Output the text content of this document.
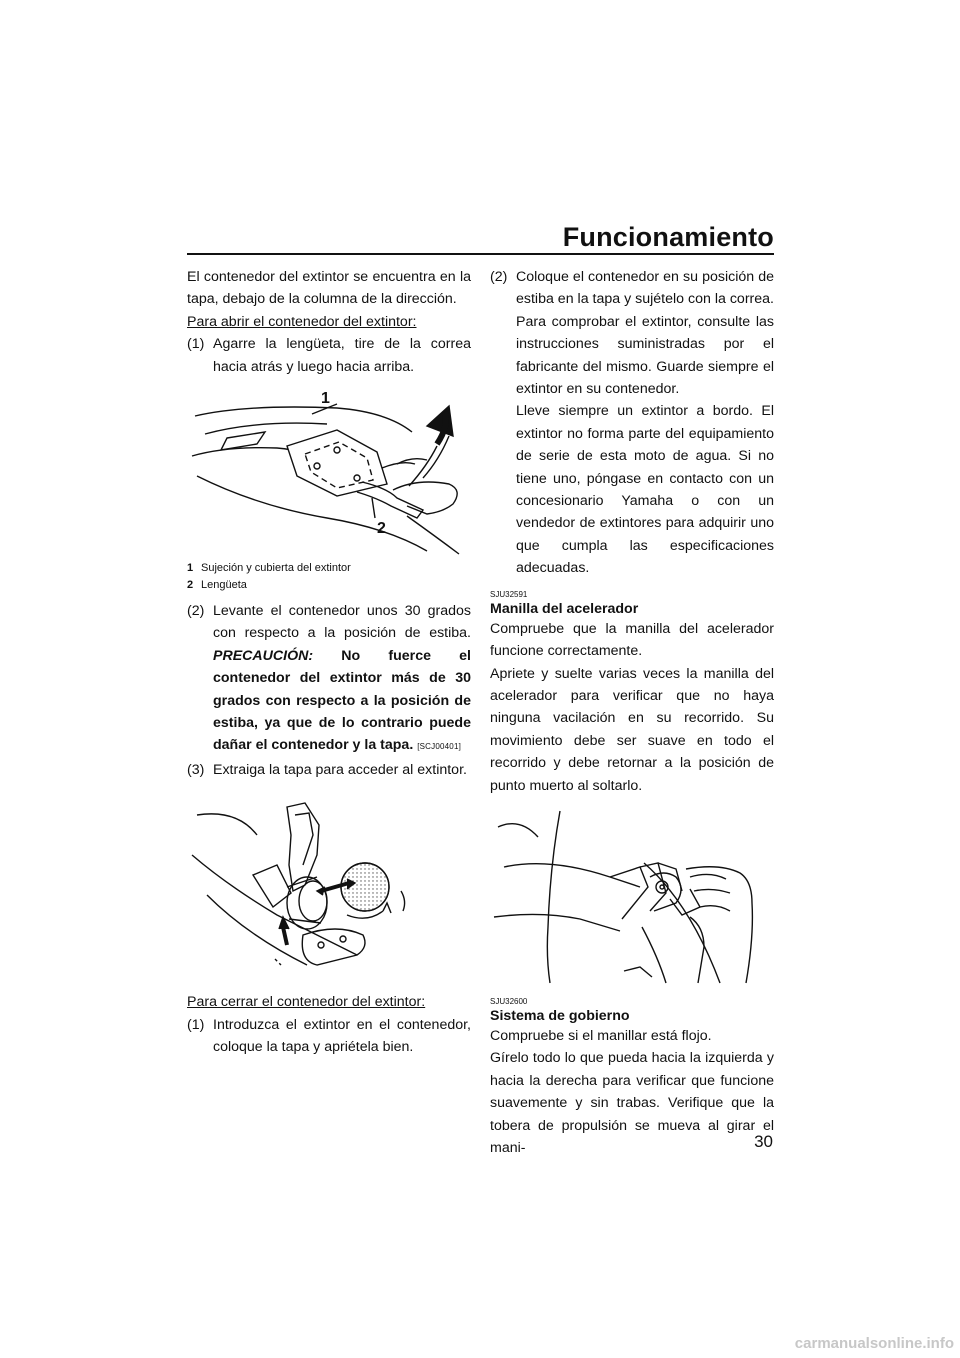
Funcionamiento

El contenedor del extintor se encuentra en la tapa, debajo de la columna de la dirección.

Para abrir el contenedor del extintor:

(1) Agarre la lengüeta, tire de la correa hacia atrás y luego hacia arriba.
1
2
1 Sujeción y cubierta del extintor
2 Lengüeta
(2) Levante el contenedor unos 30 grados con respecto a la posición de estiba. PRECAUCIÓN: No fuerce el contenedor del extintor más de 30 grados con respecto a la posición de estiba, ya que de lo contrario puede dañar el contenedor y la tapa. [SCJ00401]
(3) Extraiga la tapa para acceder al extintor.

Para cerrar el contenedor del extintor:

(1) Introduzca el extintor en el contenedor, coloque la tapa y apriétela bien.
(2) Coloque el contenedor en su posición de estiba en la tapa y sujételo con la correa. Para comprobar el extintor, consulte las instrucciones suministradas por el fabricante del mismo. Guarde siempre el extintor en su contenedor.

Lleve siempre un extintor a bordo. El extintor no forma parte del equipamiento de serie de esta moto de agua. Si no tiene uno, póngase en contacto con un concesionario Yamaha o con un vendedor de extintores para adquirir uno que cumpla las especificaciones adecuadas.

SJU32591
Manilla del acelerador

Compruebe que la manilla del acelerador funcione correctamente.

Apriete y suelte varias veces la manilla del acelerador para verificar que no haya ninguna vacilación en su recorrido. Su movimiento debe ser suave en todo el recorrido y debe retornar a la posición de punto muerto al soltarlo.

SJU32600
Sistema de gobierno

Compruebe si el manillar está flojo.

Gírelo todo lo que pueda hacia la izquierda y hacia la derecha para verificar que funcione suavemente y sin trabas. Verifique que la tobera de propulsión se mueva al girar el mani-	30
carmanualsonline.info
